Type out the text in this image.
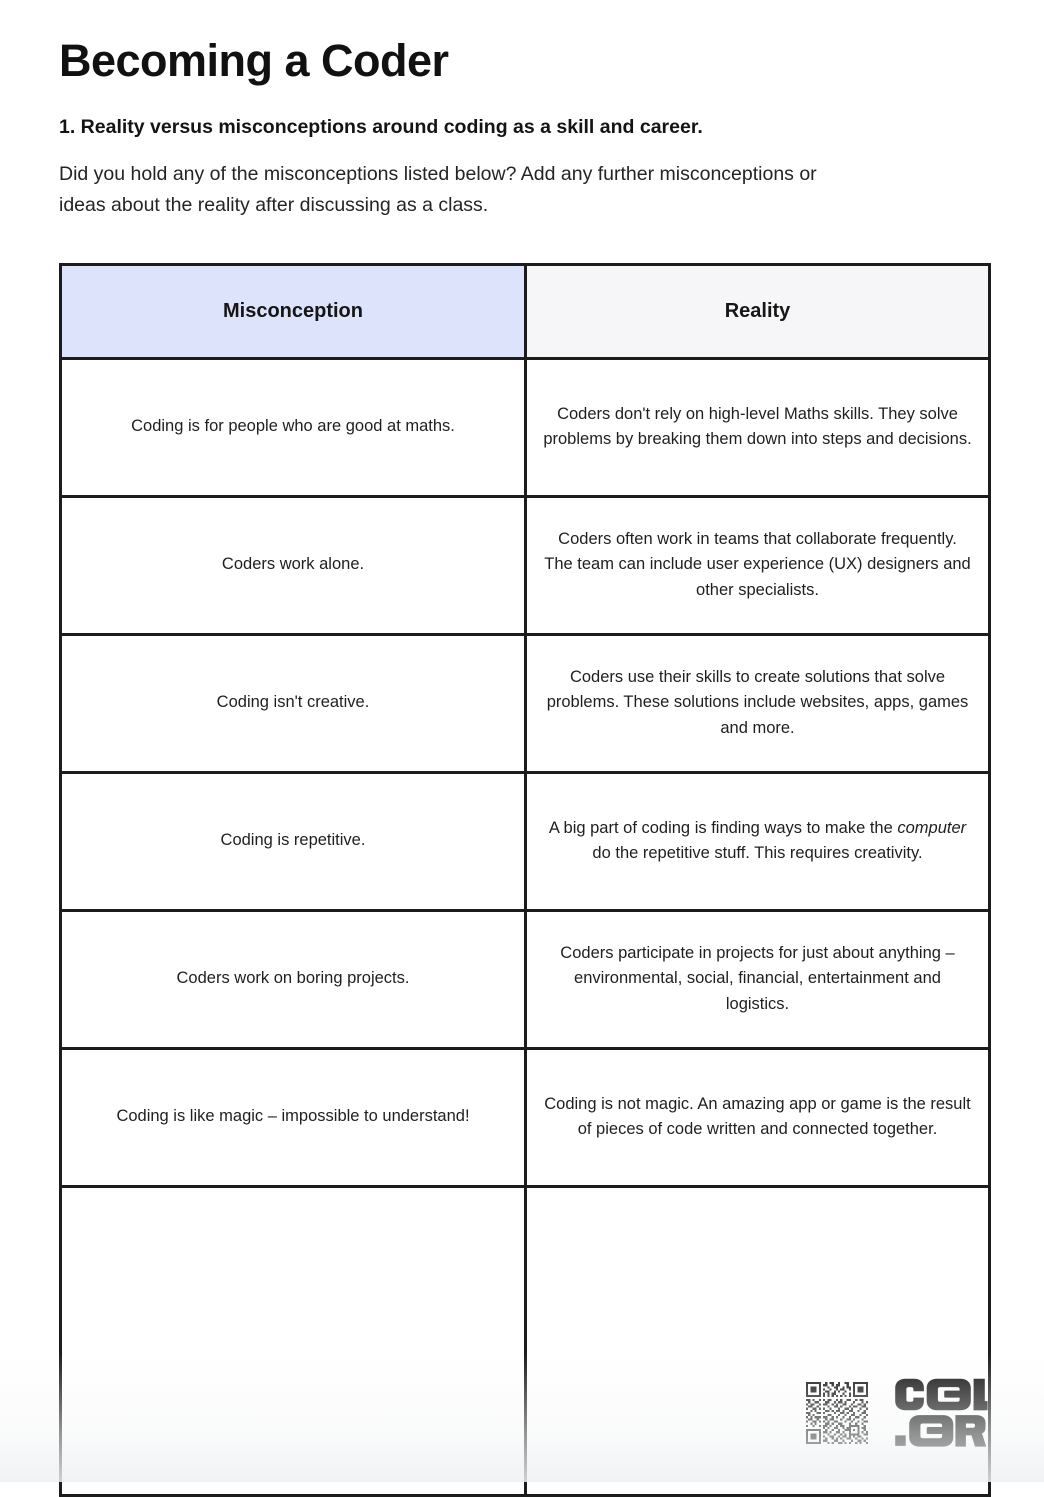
Becoming a Coder
1. Reality versus misconceptions around coding as a skill and career.

Did you hold any of the misconceptions listed below? Add any further misconceptions or ideas about the reality after discussing as a class.

Misconception	Reality

Coding is for people who are good at maths.	Coders don't rely on high-level Maths skills. They solve problems by breaking them down into steps and decisions.

Coders work alone.	Coders often work in teams that collaborate frequently. The team can include user experience (UX) designers and other specialists.

Coding isn't creative.	Coders use their skills to create solutions that solve problems. These solutions include websites, apps, games and more.

Coding is repetitive.	A big part of coding is finding ways to make the computer do the repetitive stuff. This requires creativity.

Coders work on boring projects.	Coders participate in projects for just about anything – environmental, social, financial, entertainment and logistics.

Coding is like magic – impossible to understand!	Coding is not magic. An amazing app or game is the result of pieces of code written and connected together.
